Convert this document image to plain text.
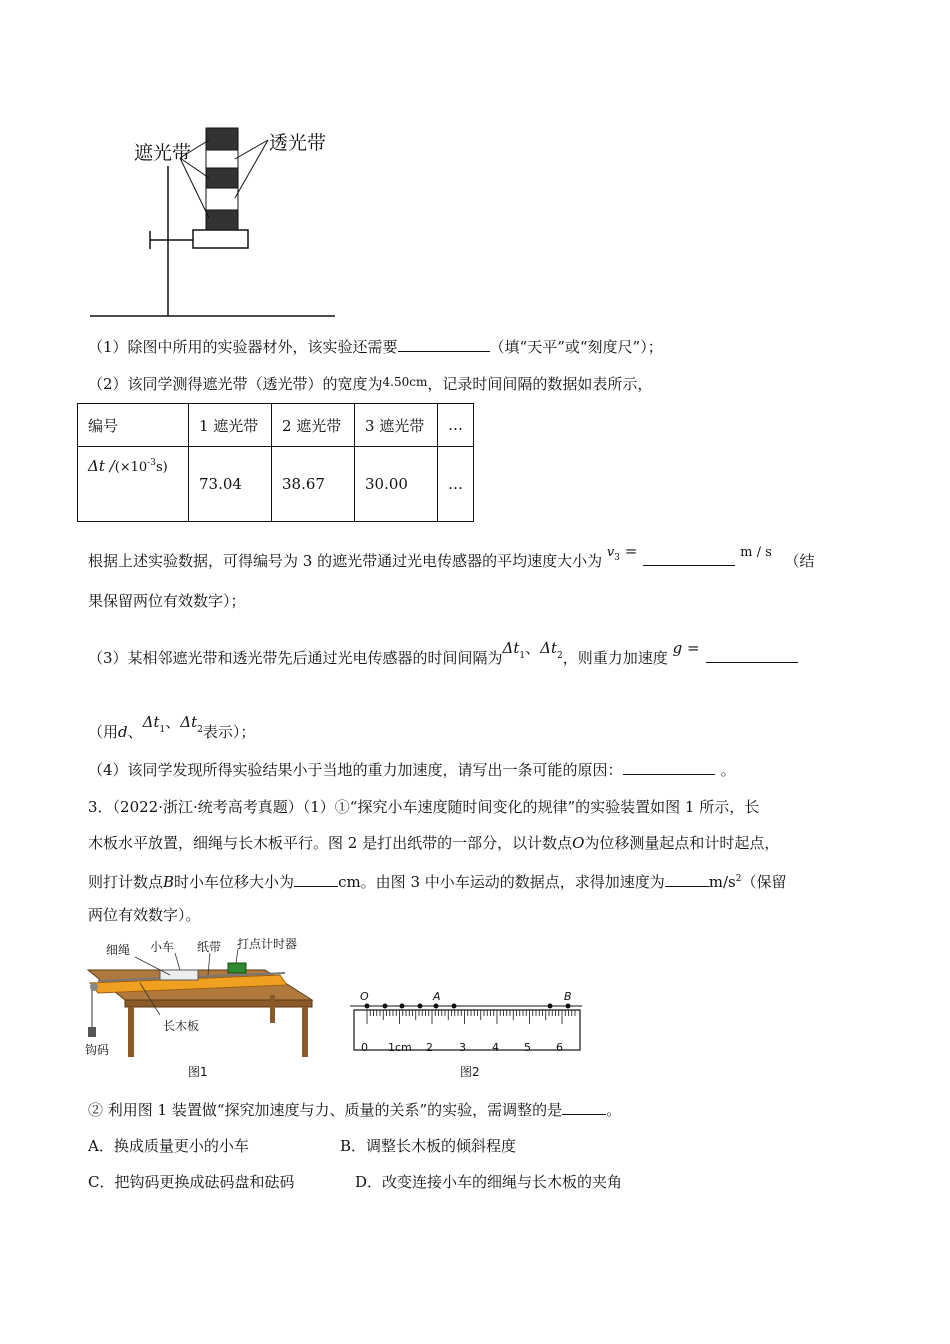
遮光带	透光带
（1）除图中所用的实验器材外，该实验还需要	（填“天平”或“刻度尺”）；
（2）该同学测得遮光带（透光带）的宽度为$^{4.50cm}$，记录时间间隔的数据如表所示，
编号	1 遮光带	2 遮光带	3 遮光带	…
Δt $/(\times 10^{-3}s)$	73.04	38.67	30.00	…
根据上述实验数据，可得编号为 3 的遮光带通过光电传感器的平均速度大小为 $v^3$ =	m / s （结
果保留两位有效数字）；
（3）某相邻遮光带和透光带先后通过光电传感器的时间间隔为$\Delta t^1$、$\Delta t^2$，则重力加速度 g =
（用d、$\Delta t^1$、$\Delta t^2$表示）；
（4）该同学发现所得实验结果小于当地的重力加速度，请写出一条可能的原因：	。
3．（2022·浙江·统考高考真题）（1）①“探究小车速度随时间变化的规律”的实验装置如图 1 所示，长
木板水平放置，细绳与长木板平行。图 2 是打出纸带的一部分，以计数点O为位移测量起点和计时起点，
则打计数点B时小车位移大小为	cm。由图 3 中小车运动的数据点，求得加速度为	$m/s^2$（保留
两位有效数字）。
细绳 小车 纸带 打点计时器
长木板
钩码
图1
O	A	B
0 1cm 2 3 4 5 6
图2
② 利用图 1 装置做“探究加速度与力、质量的关系”的实验，需调整的是	。
A．换成质量更小的小车	B．调整长木板的倾斜程度
C．把钩码更换成砝码盘和砝码	D．改变连接小车的细绳与长木板的夹角
